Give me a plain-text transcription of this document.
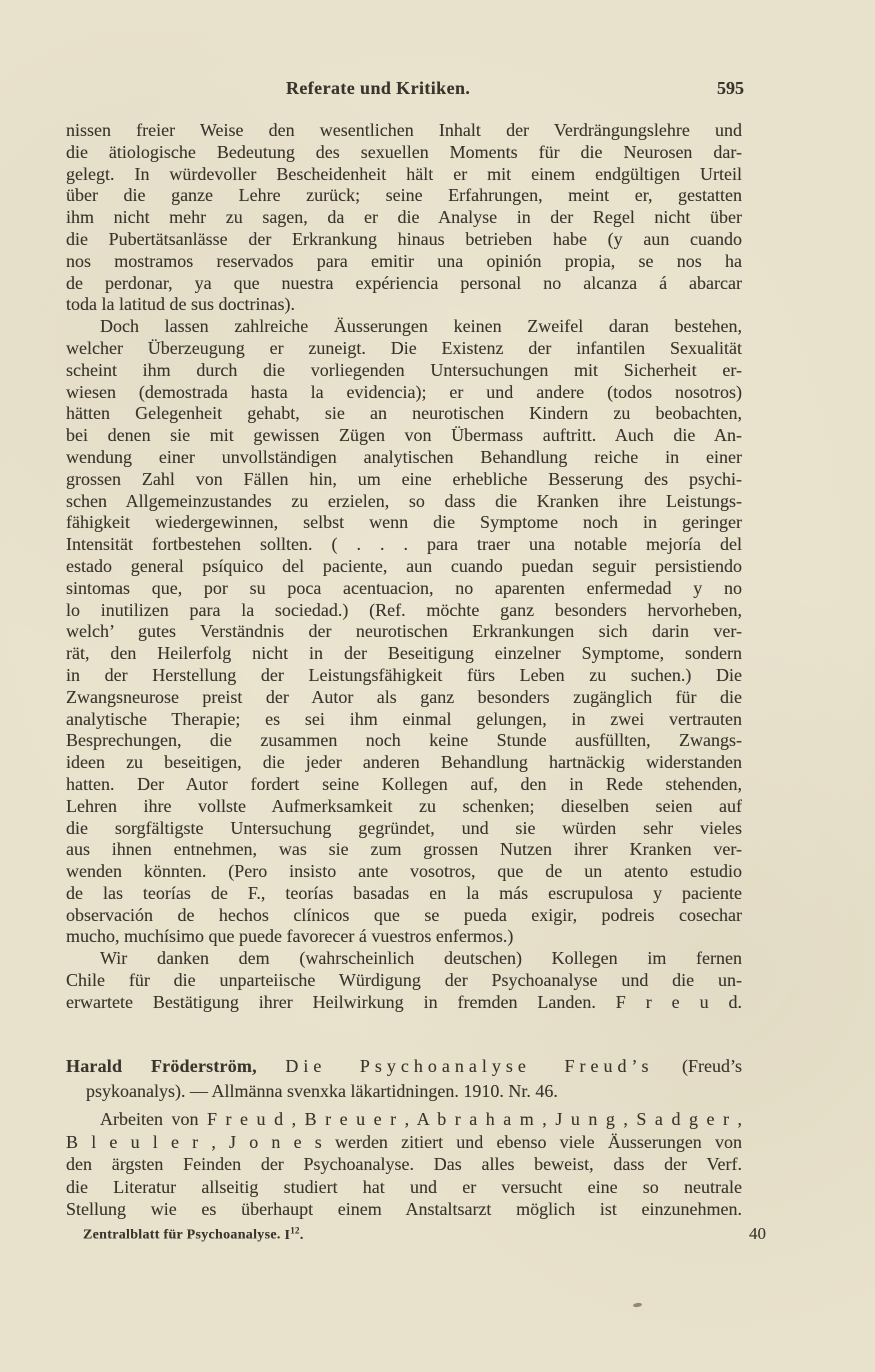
Referate und Kritiken.	595
nissen freier Weise den wesentlichen Inhalt der Verdrängungslehre und
die ätiologische Bedeutung des sexuellen Moments für die Neurosen dar-
gelegt. In würdevoller Bescheidenheit hält er mit einem endgültigen Urteil
über die ganze Lehre zurück; seine Erfahrungen, meint er, gestatten
ihm nicht mehr zu sagen, da er die Analyse in der Regel nicht über
die Pubertätsanlässe der Erkrankung hinaus betrieben habe (y aun cuando
nos mostramos reservados para emitir una opinión propia, se nos ha
de perdonar, ya que nuestra expériencia personal no alcanza á abarcar
toda la latitud de sus doctrinas).
Doch lassen zahlreiche Äusserungen keinen Zweifel daran bestehen,
welcher Überzeugung er zuneigt. Die Existenz der infantilen Sexualität
scheint ihm durch die vorliegenden Untersuchungen mit Sicherheit er-
wiesen (demostrada hasta la evidencia); er und andere (todos nosotros)
hätten Gelegenheit gehabt, sie an neurotischen Kindern zu beobachten,
bei denen sie mit gewissen Zügen von Übermass auftritt. Auch die An-
wendung einer unvollständigen analytischen Behandlung reiche in einer
grossen Zahl von Fällen hin, um eine erhebliche Besserung des psychi-
schen Allgemeinzustandes zu erzielen, so dass die Kranken ihre Leistungs-
fähigkeit wiedergewinnen, selbst wenn die Symptome noch in geringer
Intensität fortbestehen sollten. ( . . . para traer una notable mejoría del
estado general psíquico del paciente, aun cuando puedan seguir persistiendo
sintomas que, por su poca acentuacion, no aparenten enfermedad y no
lo inutilizen para la sociedad.) (Ref. möchte ganz besonders hervorheben,
welch’ gutes Verständnis der neurotischen Erkrankungen sich darin ver-
rät, den Heilerfolg nicht in der Beseitigung einzelner Symptome, sondern
in der Herstellung der Leistungsfähigkeit fürs Leben zu suchen.) Die
Zwangsneurose preist der Autor als ganz besonders zugänglich für die
analytische Therapie; es sei ihm einmal gelungen, in zwei vertrauten
Besprechungen, die zusammen noch keine Stunde ausfüllten, Zwangs-
ideen zu beseitigen, die jeder anderen Behandlung hartnäckig widerstanden
hatten. Der Autor fordert seine Kollegen auf, den in Rede stehenden,
Lehren ihre vollste Aufmerksamkeit zu schenken; dieselben seien auf
die sorgfältigste Untersuchung gegründet, und sie würden sehr vieles
aus ihnen entnehmen, was sie zum grossen Nutzen ihrer Kranken ver-
wenden könnten. (Pero insisto ante vosotros, que de un atento estudio
de las teorías de F., teorías basadas en la más escrupulosa y paciente
observación de hechos clínicos que se pueda exigir, podreis cosechar
mucho, muchísimo que puede favorecer á vuestros enfermos.)
Wir danken dem (wahrscheinlich deutschen) Kollegen im fernen
Chile für die unparteiische Würdigung der Psychoanalyse und die un-
erwartete Bestätigung ihrer Heilwirkung in fremden Landen. F r e u d.
Harald Fröderström, Die Psychoanalyse Freud’s (Freud’s
psykoanalys). — Allmänna svenxka läkartidningen. 1910. Nr. 46.
Arbeiten von F r e u d , B r e u e r , A b r a h a m , J u n g , S a d g e r ,
B l e u l e r , J o n e s werden zitiert und ebenso viele Äusserungen von
den ärgsten Feinden der Psychoanalyse. Das alles beweist, dass der Verf.
die Literatur allseitig studiert hat und er versucht eine so neutrale
Stellung wie es überhaupt einem Anstaltsarzt möglich ist einzunehmen.
Zentralblatt für Psychoanalyse. $I^{12}$.	40
